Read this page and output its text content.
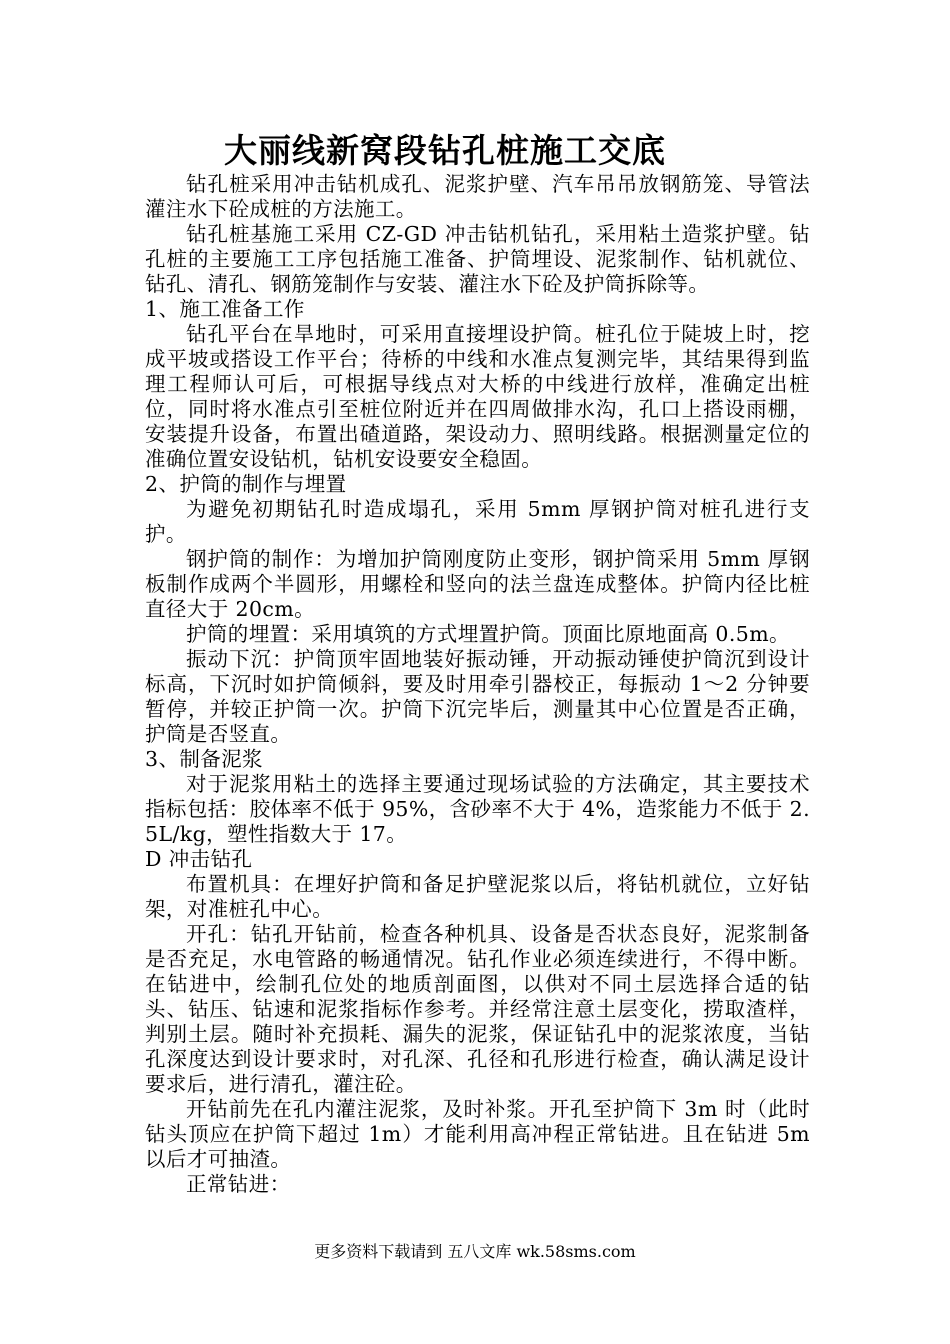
大丽线新窝段钻孔桩施工交底

钻孔桩采用冲击钻机成孔、泥浆护壁、汽车吊吊放钢筋笼、导管法灌注水下砼成桩的方法施工。

钻孔桩基施工采用 CZ-GD 冲击钻机钻孔，采用粘土造浆护壁。钻孔桩的主要施工工序包括施工准备、护筒埋设、泥浆制作、钻机就位、钻孔、清孔、钢筋笼制作与安装、灌注水下砼及护筒拆除等。

1、施工准备工作

钻孔平台在旱地时，可采用直接埋设护筒。桩孔位于陡坡上时，挖成平坡或搭设工作平台；待桥的中线和水准点复测完毕，其结果得到监理工程师认可后，可根据导线点对大桥的中线进行放样，准确定出桩位，同时将水准点引至桩位附近并在四周做排水沟，孔口上搭设雨棚，安装提升设备，布置出碴道路，架设动力、照明线路。根据测量定位的准确位置安设钻机，钻机安设要安全稳固。

2、护筒的制作与埋置

为避免初期钻孔时造成塌孔，采用 5mm 厚钢护筒对桩孔进行支护。

钢护筒的制作：为增加护筒刚度防止变形，钢护筒采用 5mm 厚钢板制作成两个半圆形，用螺栓和竖向的法兰盘连成整体。护筒内径比桩直径大于 20cm。

护筒的埋置：采用填筑的方式埋置护筒。顶面比原地面高 0.5m。

振动下沉：护筒顶牢固地装好振动锤，开动振动锤使护筒沉到设计标高，下沉时如护筒倾斜，要及时用牵引器校正，每振动 1～2 分钟要暂停，并较正护筒一次。护筒下沉完毕后，测量其中心位置是否正确，护筒是否竖直。

3、制备泥浆

对于泥浆用粘土的选择主要通过现场试验的方法确定，其主要技术指标包括：胶体率不低于 95%，含砂率不大于 4%，造浆能力不低于 2.5L/kg，塑性指数大于 17。

D 冲击钻孔

布置机具：在埋好护筒和备足护壁泥浆以后，将钻机就位，立好钻架，对准桩孔中心。

开孔：钻孔开钻前，检查各种机具、设备是否状态良好，泥浆制备是否充足，水电管路的畅通情况。钻孔作业必须连续进行，不得中断。在钻进中，绘制孔位处的地质剖面图，以供对不同土层选择合适的钻头、钻压、钻速和泥浆指标作参考。并经常注意土层变化，捞取渣样，判别土层。随时补充损耗、漏失的泥浆，保证钻孔中的泥浆浓度，当钻孔深度达到设计要求时，对孔深、孔径和孔形进行检查，确认满足设计要求后，进行清孔，灌注砼。

开钻前先在孔内灌注泥浆，及时补浆。开孔至护筒下 3m 时（此时钻头顶应在护筒下超过 1m）才能利用高冲程正常钻进。且在钻进 5m 以后才可抽渣。

正常钻进：

更多资料下载请到 五八文库 wk.58sms.com
